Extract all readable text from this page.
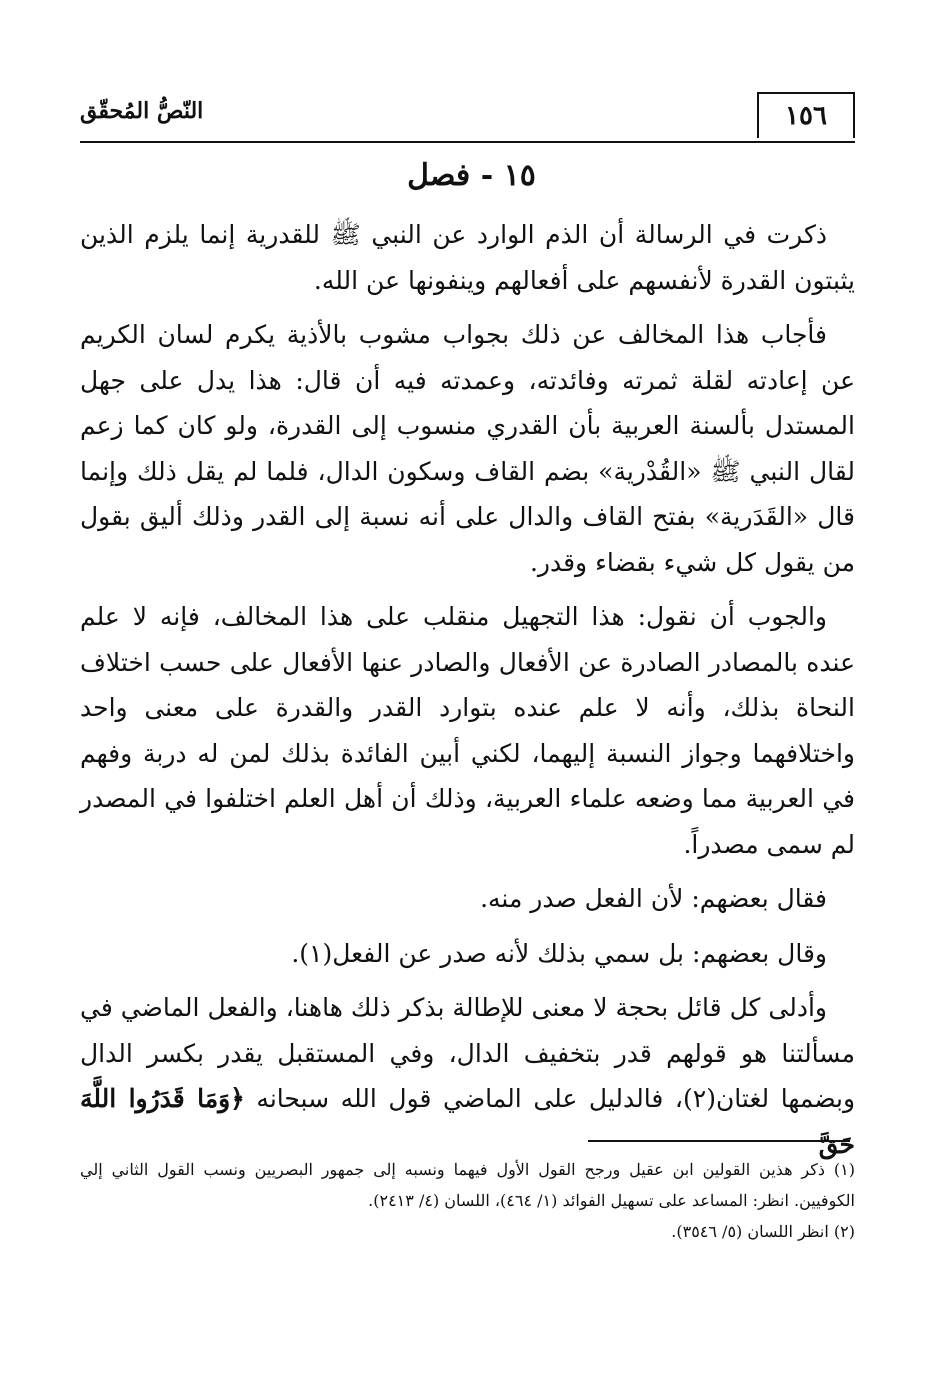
١٥٦
النّصُّ المُحقّق
١٥ - فصل

ذكرت في الرسالة أن الذم الوارد عن النبي ﷺ للقدرية إنما يلزم الذين يثبتون القدرة لأنفسهم على أفعالهم وينفونها عن الله.

فأجاب هذا المخالف عن ذلك بجواب مشوب بالأذية يكرم لسان الكريم عن إعادته لقلة ثمرته وفائدته، وعمدته فيه أن قال: هذا يدل على جهل المستدل بألسنة العربية بأن القدري منسوب إلى القدرة، ولو كان كما زعم لقال النبي ﷺ «القُدْرية» بضم القاف وسكون الدال، فلما لم يقل ذلك وإنما قال «القَدَرية» بفتح القاف والدال على أنه نسبة إلى القدر وذلك أليق بقول من يقول كل شيء بقضاء وقدر.

والجوب أن نقول: هذا التجهيل منقلب على هذا المخالف، فإنه لا علم عنده بالمصادر الصادرة عن الأفعال والصادر عنها الأفعال على حسب اختلاف النحاة بذلك، وأنه لا علم عنده بتوارد القدر والقدرة على معنى واحد واختلافهما وجواز النسبة إليهما، لكني أبين الفائدة بذلك لمن له دربة وفهم في العربية مما وضعه علماء العربية، وذلك أن أهل العلم اختلفوا في المصدر لم سمى مصدراً.

فقال بعضهم: لأن الفعل صدر منه.

وقال بعضهم: بل سمي بذلك لأنه صدر عن الفعل(١).

وأدلى كل قائل بحجة لا معنى للإطالة بذكر ذلك هاهنا، والفعل الماضي في مسألتنا هو قولهم قدر بتخفيف الدال، وفي المستقبل يقدر بكسر الدال وبضمها لغتان(٢)، فالدليل على الماضي قول الله سبحانه ﴿وَمَا قَدَرُوا اللَّهَ حَقَّ

(١) ذكر هذين القولين ابن عقيل ورجح القول الأول فيهما ونسبه إلى جمهور البصريين ونسب القول الثاني إلي الكوفيين. انظر: المساعد على تسهيل الفوائد (١/ ٤٦٤)، اللسان (٤/ ٢٤١٣).

(٢) انظر اللسان (٥/ ٣٥٤٦).
